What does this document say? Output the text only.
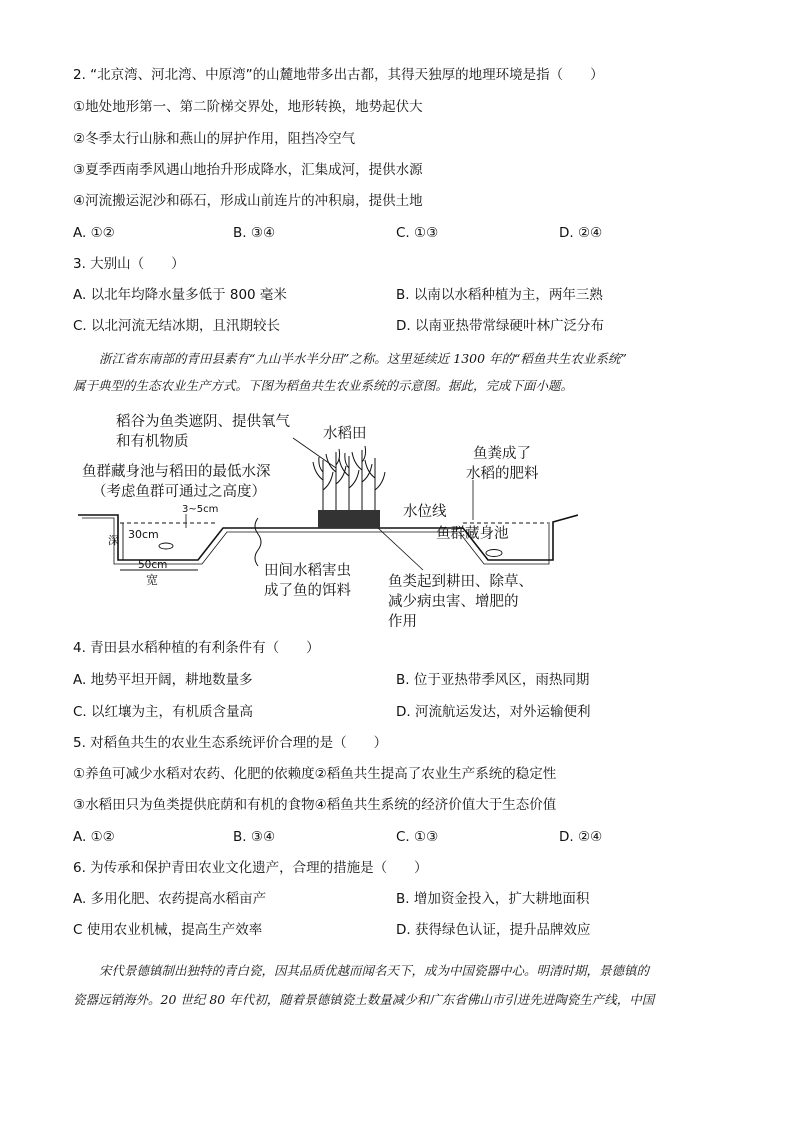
2. “北京湾、河北湾、中原湾”的山麓地带多出古都，其得天独厚的地理环境是指（　　）
①地处地形第一、第二阶梯交界处，地形转换，地势起伏大
②冬季太行山脉和燕山的屏护作用，阻挡冷空气
③夏季西南季风遇山地抬升形成降水，汇集成河，提供水源
④河流搬运泥沙和砾石，形成山前连片的冲积扇，提供土地
A. ①②	B. ③④	C. ①③	D. ②④
3. 大别山（　　）
A. 以北年均降水量多低于 800 毫米	B. 以南以水稻种植为主，两年三熟
C. 以北河流无结冰期，且汛期较长	D. 以南亚热带常绿硬叶林广泛分布
浙江省东南部的青田县素有“九山半水半分田”之称。这里延续近 1300 年的“稻鱼共生农业系统”
属于典型的生态农业生产方式。下图为稻鱼共生农业系统的示意图。据此，完成下面小题。
稻谷为鱼类遮阴、提供氧气
和有机物质	水稻田
鱼群藏身池与稻田的最低水深
（考虑鱼群可通过之高度）
3~5cm
深 30cm
50cm
宽
水位线
鱼粪成了
水稻的肥料
鱼群藏身池
田间水稻害虫
成了鱼的饵料
鱼类起到耕田、除草、
减少病虫害、增肥的
作用
4. 青田县水稻种植的有利条件有（　　）
A. 地势平坦开阔，耕地数量多	B. 位于亚热带季风区，雨热同期
C. 以红壤为主，有机质含量高	D. 河流航运发达，对外运输便利
5. 对稻鱼共生的农业生态系统评价合理的是（　　）
①养鱼可减少水稻对农药、化肥的依赖度②稻鱼共生提高了农业生产系统的稳定性
③水稻田只为鱼类提供庇荫和有机的食物④稻鱼共生系统的经济价值大于生态价值
A. ①②	B. ③④	C. ①③	D. ②④
6. 为传承和保护青田农业文化遗产，合理的措施是（　　）
A. 多用化肥、农药提高水稻亩产	B. 增加资金投入，扩大耕地面积
C 使用农业机械，提高生产效率	D. 获得绿色认证，提升品牌效应
宋代景德镇制出独特的青白瓷，因其品质优越而闻名天下，成为中国瓷器中心。明清时期，景德镇的
瓷器远销海外。20 世纪 80 年代初，随着景德镇瓷土数量减少和广东省佛山市引进先进陶瓷生产线，中国
